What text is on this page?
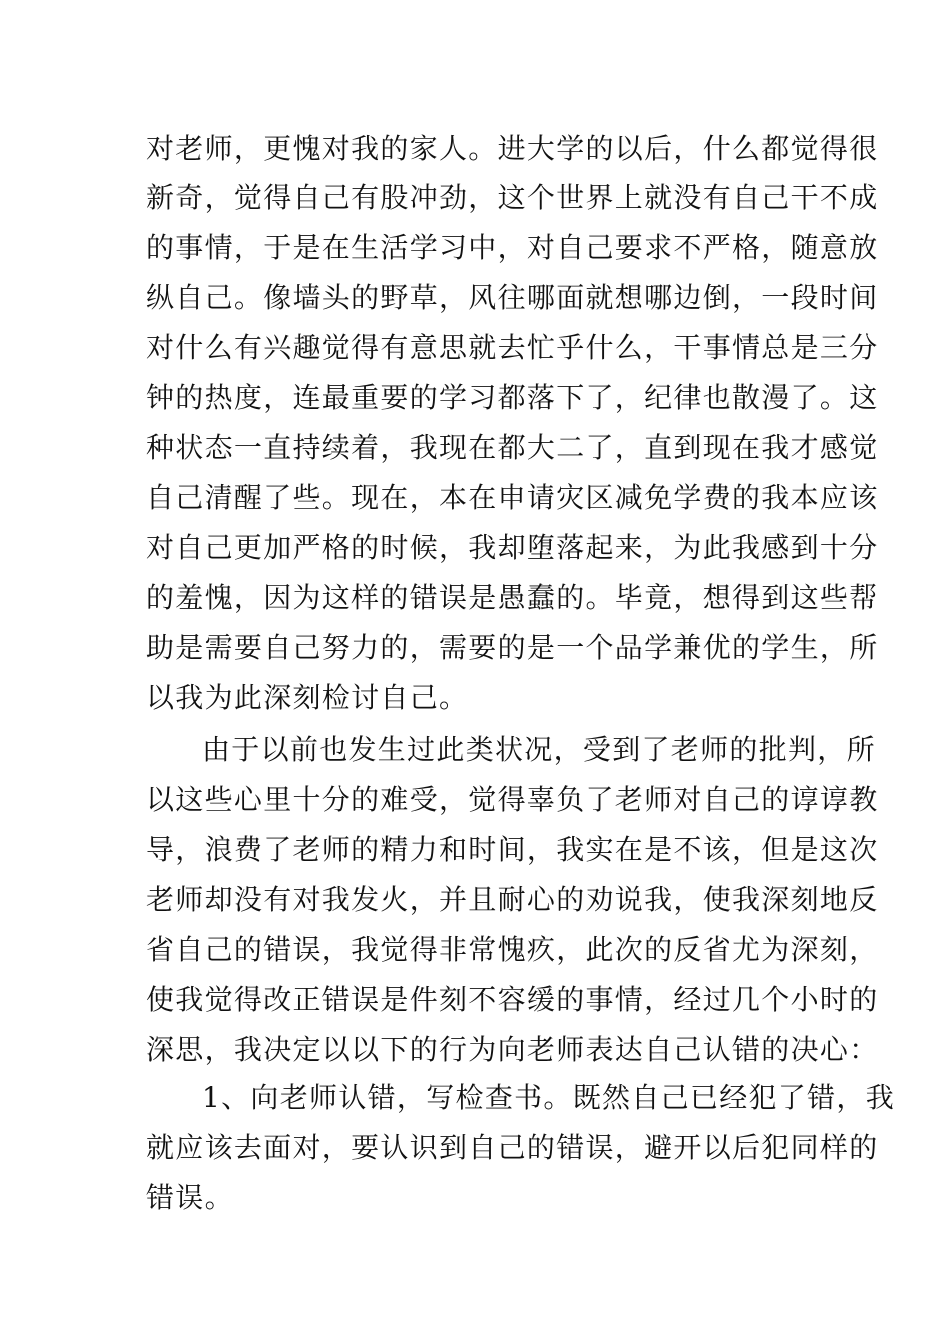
对老师，更愧对我的家人。进大学的以后，什么都觉得很
新奇，觉得自己有股冲劲，这个世界上就没有自己干不成
的事情，于是在生活学习中，对自己要求不严格，随意放
纵自己。像墙头的野草，风往哪面就想哪边倒，一段时间
对什么有兴趣觉得有意思就去忙乎什么，干事情总是三分
钟的热度，连最重要的学习都落下了，纪律也散漫了。这
种状态一直持续着，我现在都大二了，直到现在我才感觉
自己清醒了些。现在，本在申请灾区减免学费的我本应该
对自己更加严格的时候，我却堕落起来，为此我感到十分
的羞愧，因为这样的错误是愚蠢的。毕竟，想得到这些帮
助是需要自己努力的，需要的是一个品学兼优的学生，所
以我为此深刻检讨自己。
由于以前也发生过此类状况，受到了老师的批判，所
以这些心里十分的难受，觉得辜负了老师对自己的谆谆教
导，浪费了老师的精力和时间，我实在是不该，但是这次
老师却没有对我发火，并且耐心的劝说我，使我深刻地反
省自己的错误，我觉得非常愧疚，此次的反省尤为深刻，
使我觉得改正错误是件刻不容缓的事情，经过几个小时的
深思，我决定以以下的行为向老师表达自己认错的决心：
1、向老师认错，写检查书。既然自己已经犯了错，我
就应该去面对，要认识到自己的错误，避开以后犯同样的
错误。
